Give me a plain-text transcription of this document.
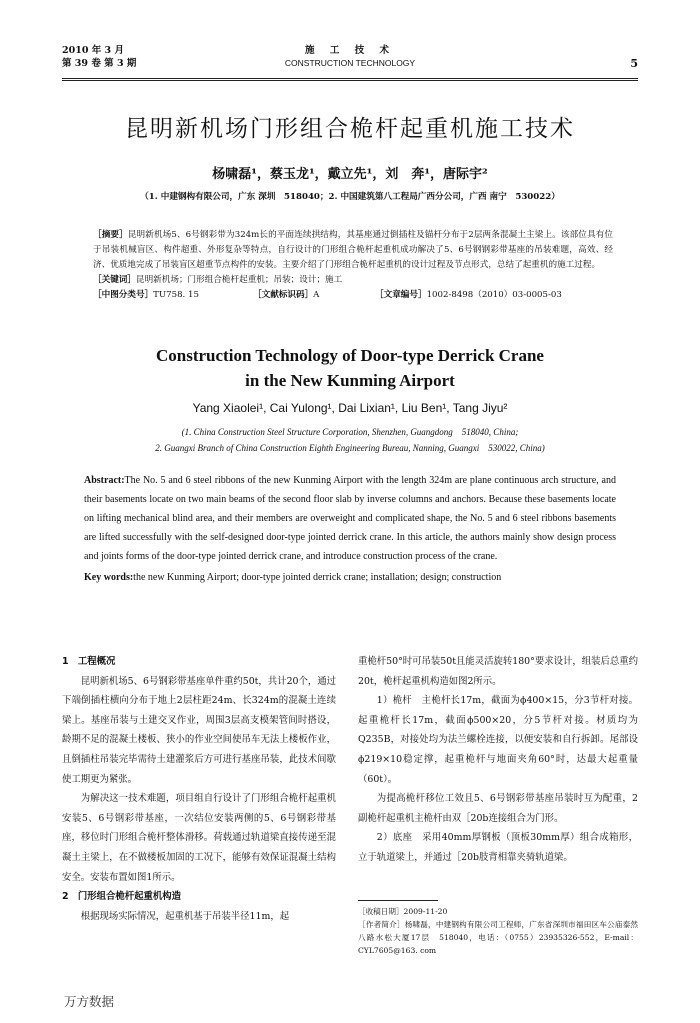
2010 年 3 月
第 39 卷 第 3 期
施 工 技 术
CONSTRUCTION TECHNOLOGY	5
昆明新机场门形组合桅杆起重机施工技术
杨啸磊¹，蔡玉龙¹，戴立先¹，刘　奔¹，唐际宇²
（1. 中建钢构有限公司，广东 深圳　518040；2. 中国建筑第八工程局广西分公司，广西 南宁　530022）

［摘要］昆明新机场5、6号钢彩带为324m长的平面连续拱结构，其基座通过倒插柱及锚杆分布于2层两条混凝土主梁上。该部位具有位于吊装机械盲区、构件超重、外形复杂等特点，自行设计的门形组合桅杆起重机成功解决了5、6号钢钢彩带基座的吊装难题，高效、经济、优质地完成了吊装盲区超重节点构件的安装。主要介绍了门形组合桅杆起重机的设计过程及节点形式，总结了起重机的施工过程。

［关键词］昆明新机场；门形组合桅杆起重机；吊装；设计；施工

［中图分类号］TU758. 15	［文献标识码］A	［文章编号］1002-8498（2010）03-0005-03
Construction Technology of Door-type Derrick Crane
in the New Kunming Airport
Yang Xiaolei¹, Cai Yulong¹, Dai Lixian¹, Liu Ben¹, Tang Jiyu²
(1. China Construction Steel Structure Corporation, Shenzhen, Guangdong　518040, China;
2. Guangxi Branch of China Construction Eighth Engineering Bureau, Nanning, Guangxi　530022, China)

Abstract:The No. 5 and 6 steel ribbons of the new Kunming Airport with the length 324m are plane continuous arch structure, and their basements locate on two main beams of the second floor slab by inverse columns and anchors. Because these basements locate on lifting mechanical blind area, and their members are overweight and complicated shape, the No. 5 and 6 steel ribbons basements are lifted successfully with the self-designed door-type jointed derrick crane. In this article, the authors mainly show design process and joints forms of the door-type jointed derrick crane, and introduce construction process of the crane.

Key words:the new Kunming Airport; door-type jointed derrick crane; installation; design; construction

1　工程概况

昆明新机场5、6号钢彩带基座单件重约50t，共计20个，通过下端倒插柱横向分布于地上2层柱距24m、长324m的混凝土连续梁上。基座吊装与土建交叉作业，周围3层高支模架管间时搭设，龄期不足的混凝土楼板、狭小的作业空间使吊车无法上楼板作业，且倒插柱吊装完毕需待土建灌浆后方可进行基座吊装，此技术间歇使工期更为紧张。

为解决这一技术难题，项目组自行设计了门形组合桅杆起重机安装5、6号钢彩带基座，一次结位安装两侧的5、6号钢彩带基座，移位时门形组合桅杆整体滑移。荷载通过轨道梁直接传递至混凝土主梁上，在不做楼板加固的工况下，能够有效保证混凝土结构安全。安装布置如图1所示。

2　门形组合桅杆起重机构造

根据现场实际情况，起重机基于吊装半径11m，起

重桅杆50°时可吊装50t且能灵活旋转180°要求设计，组装后总重约20t，桅杆起重机构造如图2所示。

1）桅杆　主桅杆长17m，截面为ϕ400×15，分3节杆对接。起重桅杆长17m，截面ϕ500×20，分5节杆对接。材质均为Q235B，对接处均为法兰螺栓连接，以便安装和自行拆卸。尾部设ϕ219×10稳定撑，起重桅杆与地面夹角60°时，达最大起重量（60t）。

为提高桅杆移位工效且5、6号钢彩带基座吊装时互为配重，2副桅杆起重机主桅杆由双［20b连接组合为门形。

2）底座　采用40mm厚钢板（顶板30mm厚）组合成箱形，立于轨道梁上，并通过［20b肢背相靠夹骑轨道梁。

［收稿日期］2009-11-20

［作者简介］杨啸磊，中建钢构有限公司工程师，广东省深圳市福田区车公庙泰然八路水松大厦17层　518040，电话：（0755）23935326-552，E-mail：CYL7605@163. com

万方数据
